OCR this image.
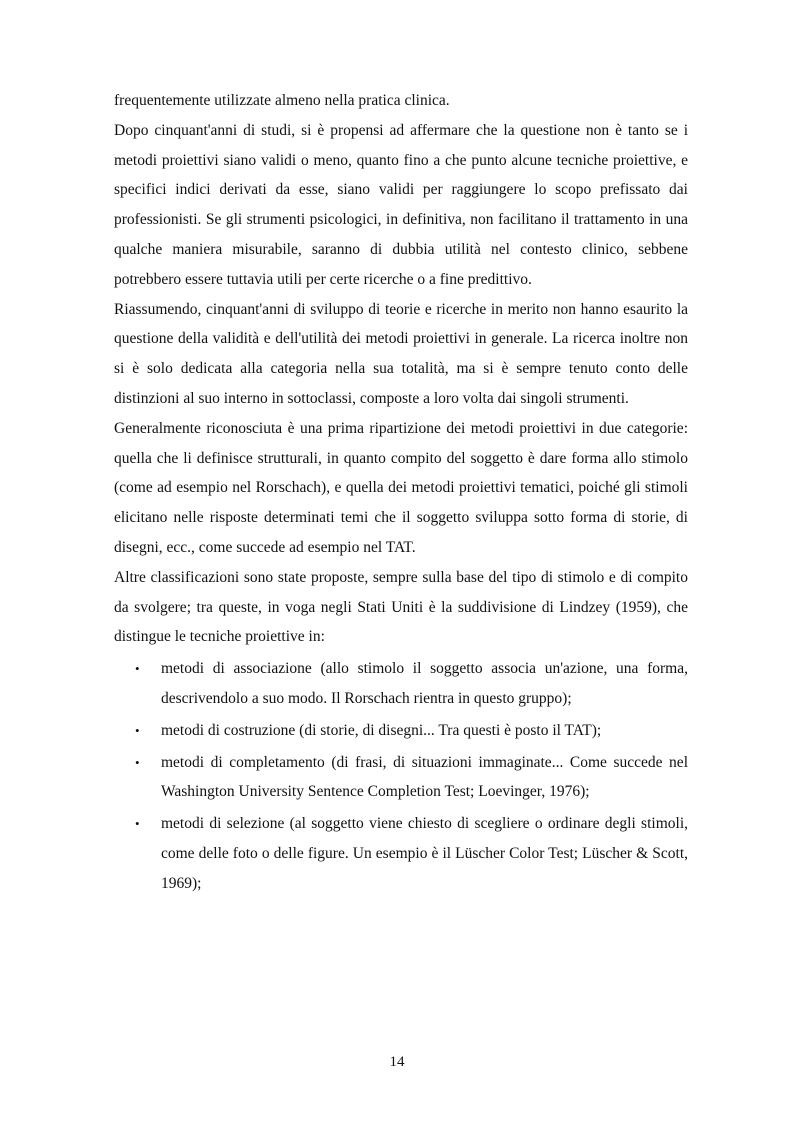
frequentemente utilizzate almeno nella pratica clinica.

Dopo cinquant'anni di studi, si è propensi ad affermare che la questione non è tanto se i metodi proiettivi siano validi o meno, quanto fino a che punto alcune tecniche proiettive, e specifici indici derivati da esse, siano validi per raggiungere lo scopo prefissato dai professionisti. Se gli strumenti psicologici, in definitiva, non facilitano il trattamento in una qualche maniera misurabile, saranno di dubbia utilità nel contesto clinico, sebbene potrebbero essere tuttavia utili per certe ricerche o a fine predittivo.

Riassumendo, cinquant'anni di sviluppo di teorie e ricerche in merito non hanno esaurito la questione della validità e dell'utilità dei metodi proiettivi in generale. La ricerca inoltre non si è solo dedicata alla categoria nella sua totalità, ma si è sempre tenuto conto delle distinzioni al suo interno in sottoclassi, composte a loro volta dai singoli strumenti.

Generalmente riconosciuta è una prima ripartizione dei metodi proiettivi in due categorie: quella che li definisce strutturali, in quanto compito del soggetto è dare forma allo stimolo (come ad esempio nel Rorschach), e quella dei metodi proiettivi tematici, poiché gli stimoli elicitano nelle risposte determinati temi che il soggetto sviluppa sotto forma di storie, di disegni, ecc., come succede ad esempio nel TAT.

Altre classificazioni sono state proposte, sempre sulla base del tipo di stimolo e di compito da svolgere; tra queste, in voga negli Stati Uniti è la suddivisione di Lindzey (1959), che distingue le tecniche proiettive in:

• metodi di associazione (allo stimolo il soggetto associa un'azione, una forma, descrivendolo a suo modo. Il Rorschach rientra in questo gruppo);
• metodi di costruzione (di storie, di disegni... Tra questi è posto il TAT);
• metodi di completamento (di frasi, di situazioni immaginate... Come succede nel Washington University Sentence Completion Test; Loevinger, 1976);
• metodi di selezione (al soggetto viene chiesto di scegliere o ordinare degli stimoli, come delle foto o delle figure. Un esempio è il Lüscher Color Test; Lüscher & Scott, 1969);
14
